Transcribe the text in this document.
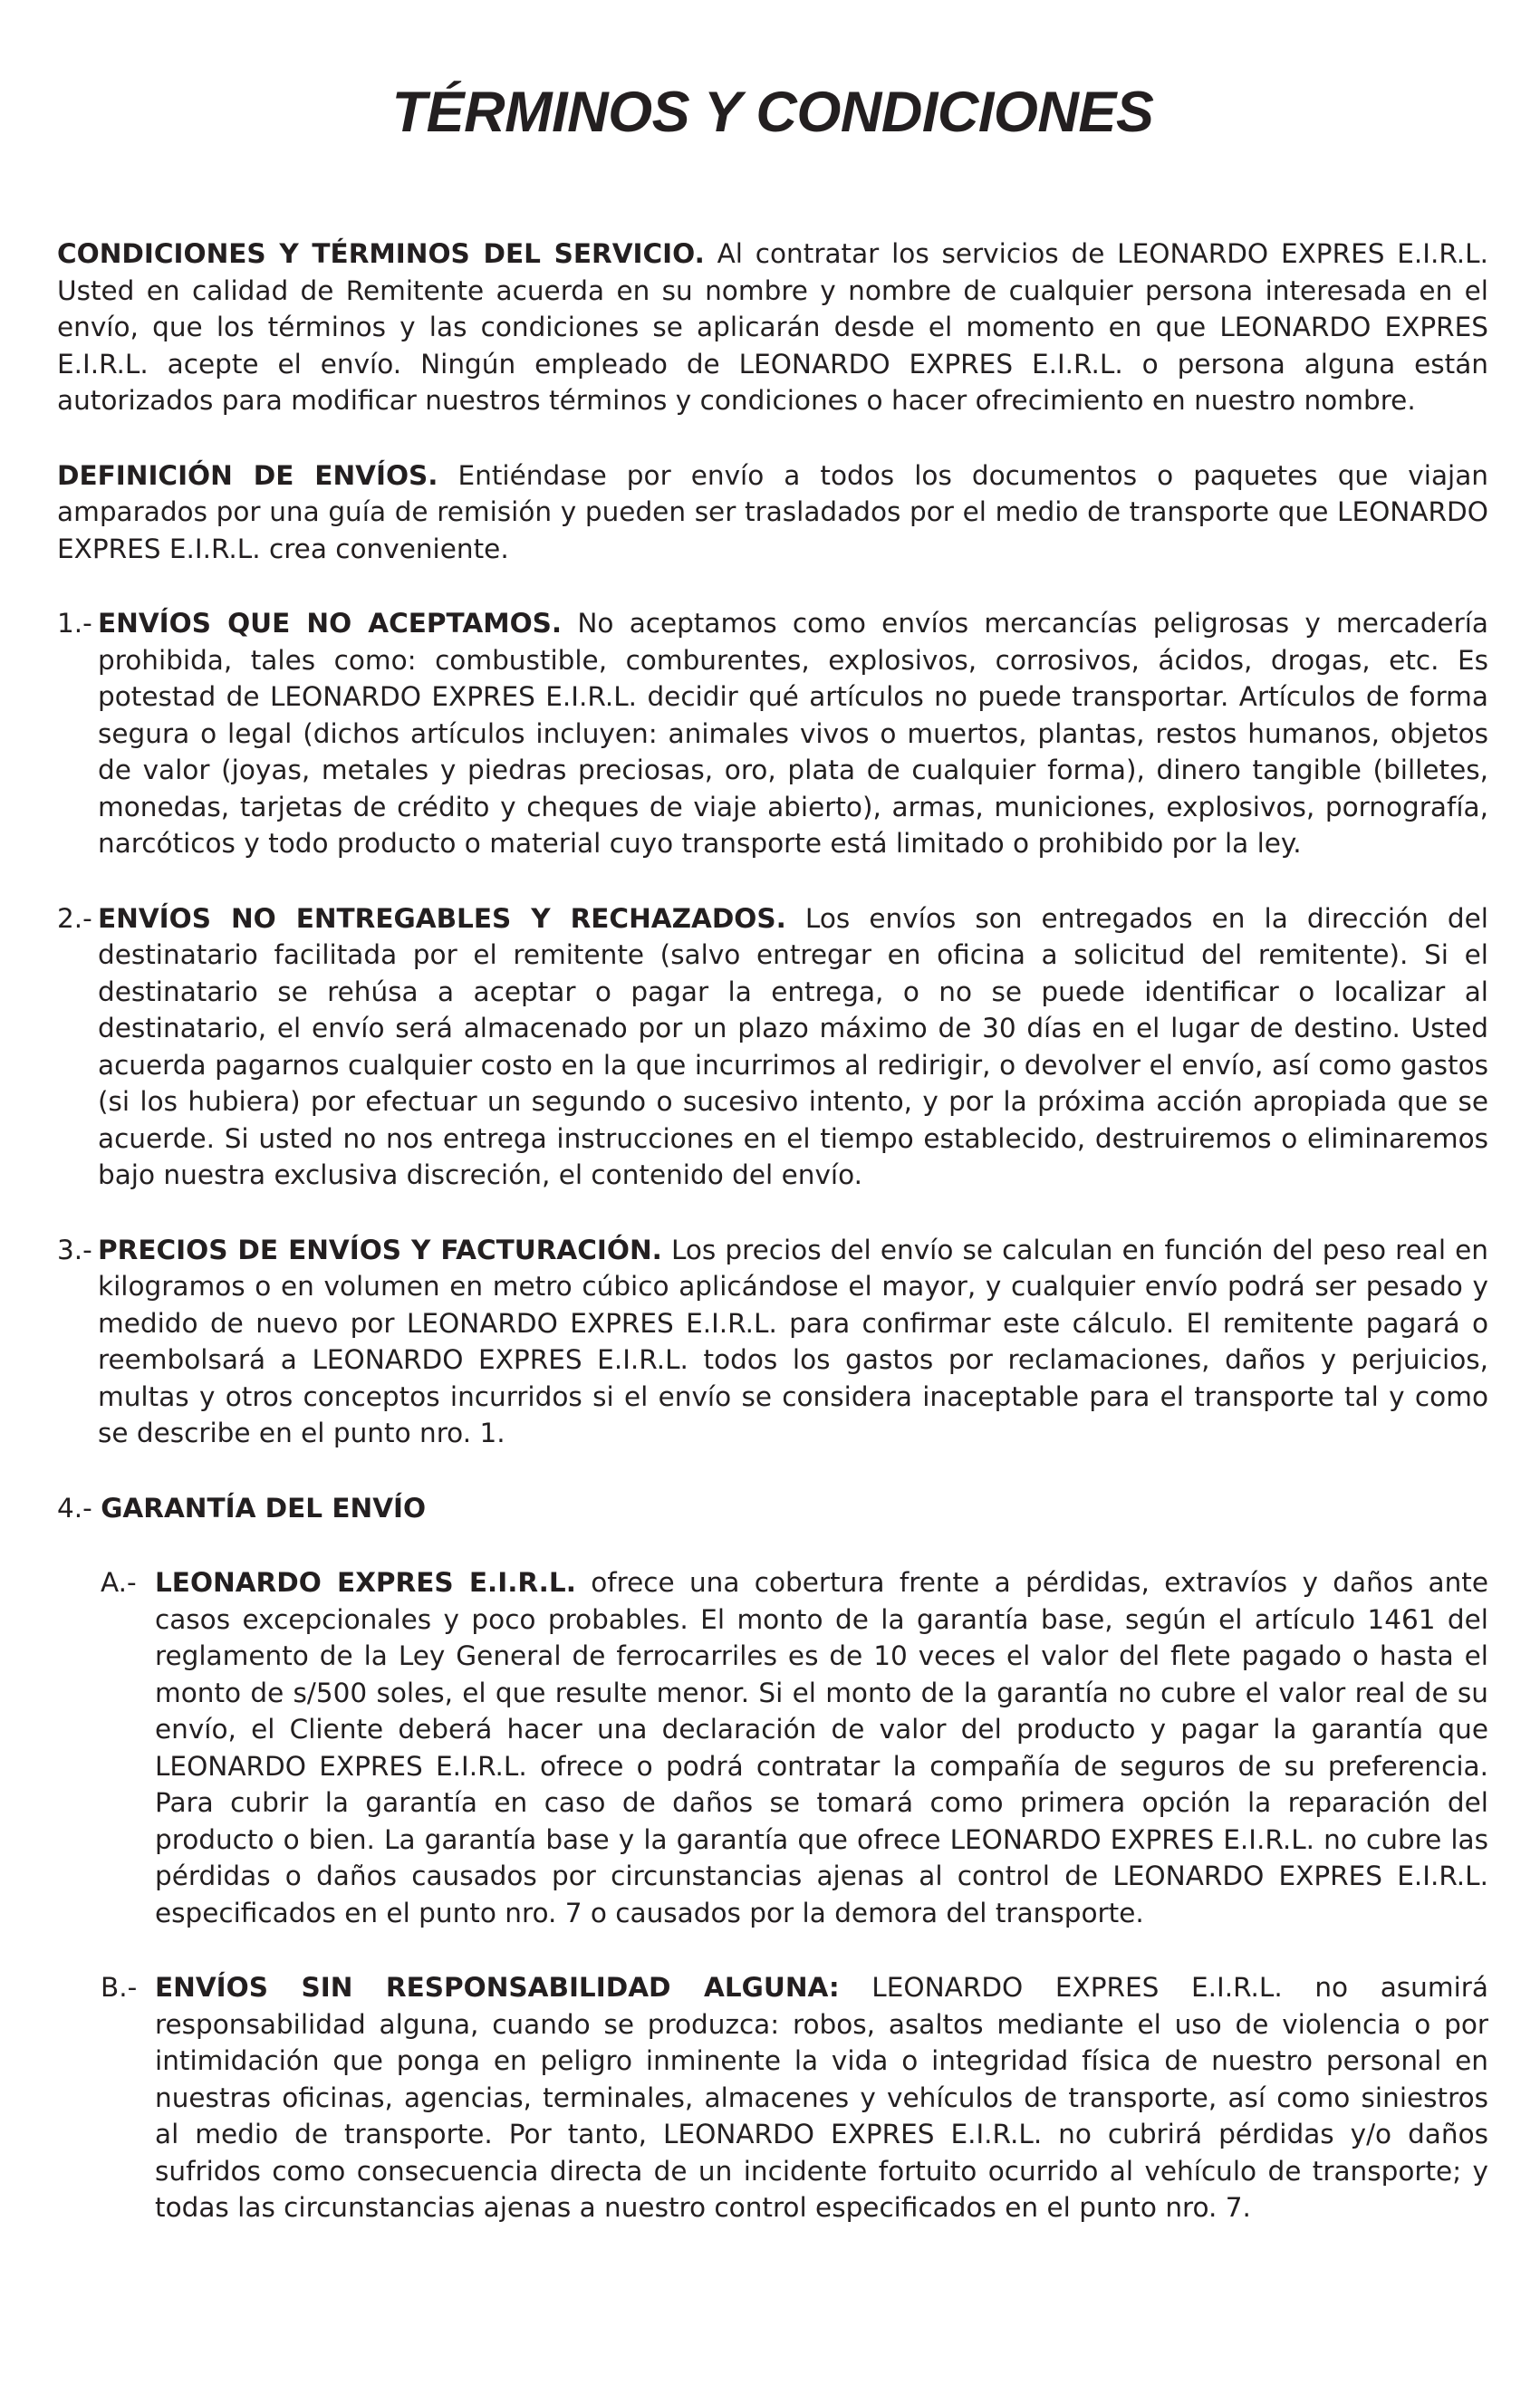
TÉRMINOS Y CONDICIONES

CONDICIONES Y TÉRMINOS DEL SERVICIO. Al contratar los servicios de LEONARDO EXPRES E.I.R.L. Usted en calidad de Remitente acuerda en su nombre y nombre de cualquier persona interesada en el envío, que los términos y las condiciones se aplicarán desde el momento en que LEONARDO EXPRES E.I.R.L. acepte el envío. Ningún empleado de LEONARDO EXPRES E.I.R.L. o persona alguna están autorizados para modificar nuestros términos y condiciones o hacer ofrecimiento en nuestro nombre.

DEFINICIÓN DE ENVÍOS. Entiéndase por envío a todos los documentos o paquetes que viajan amparados por una guía de remisión y pueden ser trasladados por el medio de transporte que LEONARDO EXPRES E.I.R.L. crea conveniente.

1.- ENVÍOS QUE NO ACEPTAMOS. No aceptamos como envíos mercancías peligrosas y mercadería prohibida, tales como: combustible, comburentes, explosivos, corrosivos, ácidos, drogas, etc. Es potestad de LEONARDO EXPRES E.I.R.L. decidir qué artículos no puede transportar. Artículos de forma segura o legal (dichos artículos incluyen: animales vivos o muertos, plantas, restos humanos, objetos de valor (joyas, metales y piedras preciosas, oro, plata de cualquier forma), dinero tangible (billetes, monedas, tarjetas de crédito y cheques de viaje abierto), armas, municiones, explosivos, pornografía, narcóticos y todo producto o material cuyo transporte está limitado o prohibido por la ley.

2.- ENVÍOS NO ENTREGABLES Y RECHAZADOS. Los envíos son entregados en la dirección del destinatario facilitada por el remitente (salvo entregar en oficina a solicitud del remitente). Si el destinatario se rehúsa a aceptar o pagar la entrega, o no se puede identificar o localizar al destinatario, el envío será almacenado por un plazo máximo de 30 días en el lugar de destino. Usted acuerda pagarnos cualquier costo en la que incurrimos al redirigir, o devolver el envío, así como gastos (si los hubiera) por efectuar un segundo o sucesivo intento, y por la próxima acción apropiada que se acuerde. Si usted no nos entrega instrucciones en el tiempo establecido, destruiremos o eliminaremos bajo nuestra exclusiva discreción, el contenido del envío.

3.- PRECIOS DE ENVÍOS Y FACTURACIÓN. Los precios del envío se calculan en función del peso real en kilogramos o en volumen en metro cúbico aplicándose el mayor, y cualquier envío podrá ser pesado y medido de nuevo por LEONARDO EXPRES E.I.R.L. para confirmar este cálculo. El remitente pagará o reembolsará a LEONARDO EXPRES E.I.R.L. todos los gastos por reclamaciones, daños y perjuicios, multas y otros conceptos incurridos si el envío se considera inaceptable para el transporte tal y como se describe en el punto nro. 1.

4.- GARANTÍA DEL ENVÍO

A.- LEONARDO EXPRES E.I.R.L. ofrece una cobertura frente a pérdidas, extravíos y daños ante casos excepcionales y poco probables. El monto de la garantía base, según el artículo 1461 del reglamento de la Ley General de ferrocarriles es de 10 veces el valor del flete pagado o hasta el monto de s/500 soles, el que resulte menor. Si el monto de la garantía no cubre el valor real de su envío, el Cliente deberá hacer una declaración de valor del producto y pagar la garantía que LEONARDO EXPRES E.I.R.L. ofrece o podrá contratar la compañía de seguros de su preferencia. Para cubrir la garantía en caso de daños se tomará como primera opción la reparación del producto o bien. La garantía base y la garantía que ofrece LEONARDO EXPRES E.I.R.L. no cubre las pérdidas o daños causados por circunstancias ajenas al control de LEONARDO EXPRES E.I.R.L. especificados en el punto nro. 7 o causados por la demora del transporte.

B.- ENVÍOS SIN RESPONSABILIDAD ALGUNA: LEONARDO EXPRES E.I.R.L. no asumirá responsabilidad alguna, cuando se produzca: robos, asaltos mediante el uso de violencia o por intimidación que ponga en peligro inminente la vida o integridad física de nuestro personal en nuestras oficinas, agencias, terminales, almacenes y vehículos de transporte, así como siniestros al medio de transporte. Por tanto, LEONARDO EXPRES E.I.R.L. no cubrirá pérdidas y/o daños sufridos como consecuencia directa de un incidente fortuito ocurrido al vehículo de transporte; y todas las circunstancias ajenas a nuestro control especificados en el punto nro. 7.
